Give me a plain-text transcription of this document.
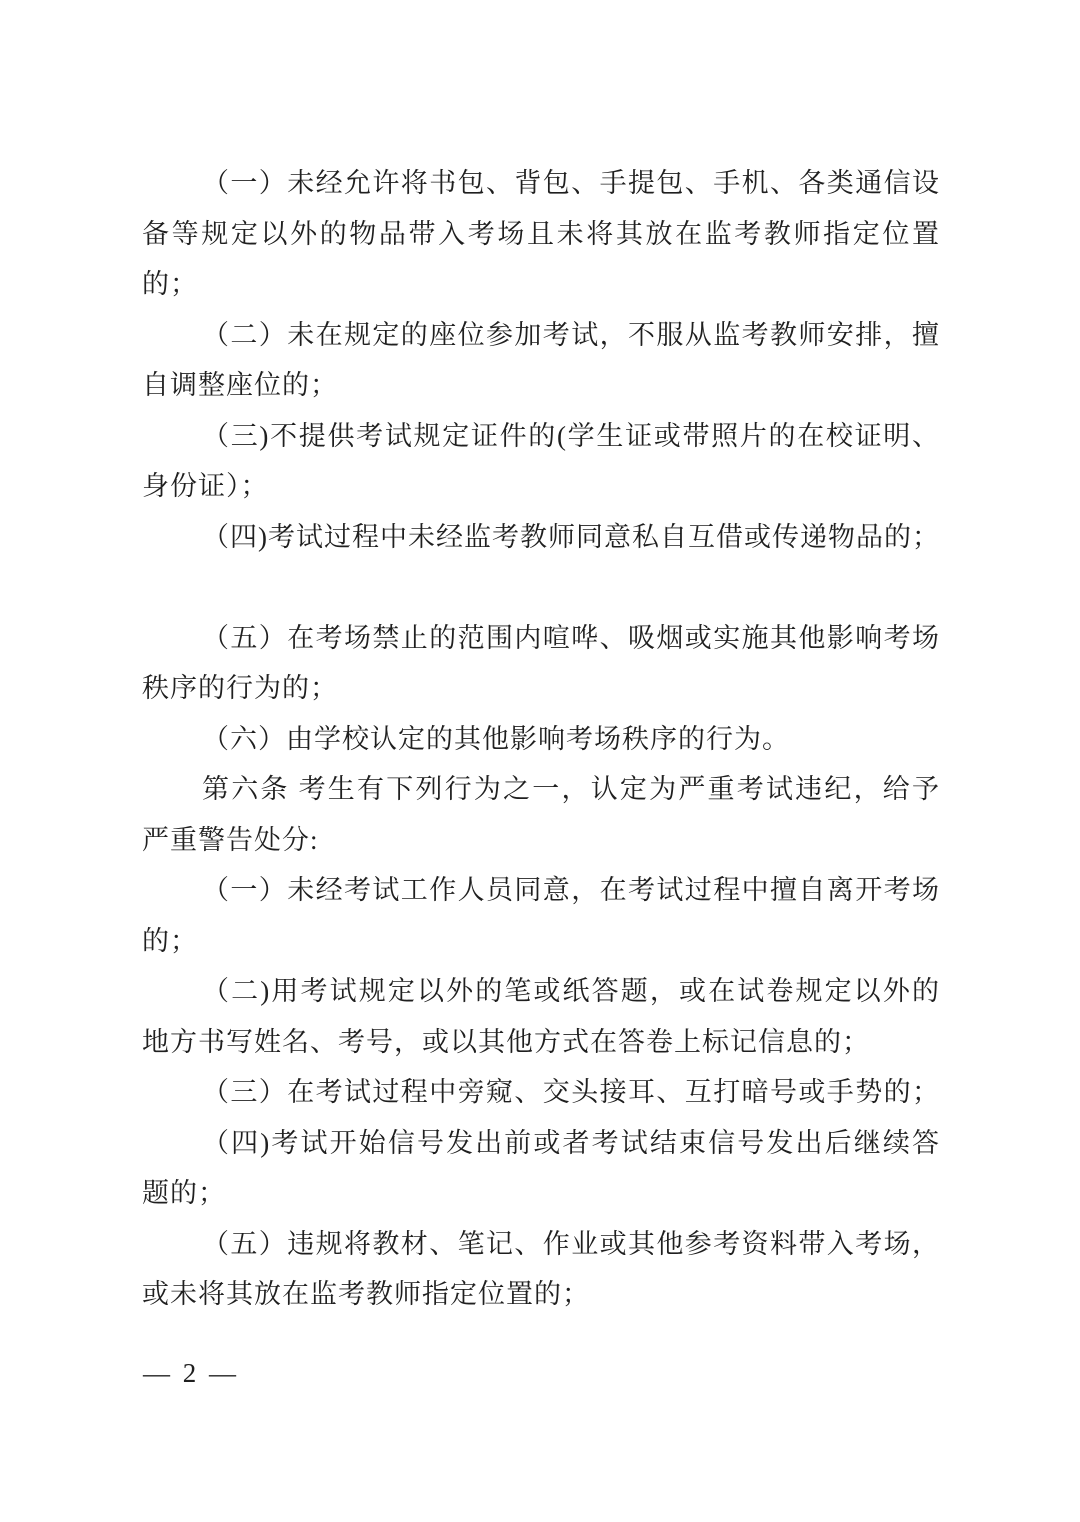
（一）未经允许将书包、背包、手提包、手机、各类通信设
备等规定以外的物品带入考场且未将其放在监考教师指定位置
的；
（二）未在规定的座位参加考试，不服从监考教师安排，擅
自调整座位的；
（三)不提供考试规定证件的(学生证或带照片的在校证明、
身份证）；
（四)考试过程中未经监考教师同意私自互借或传递物品的；
（五）在考场禁止的范围内喧哗、吸烟或实施其他影响考场
秩序的行为的；
（六）由学校认定的其他影响考场秩序的行为。
第六条 考生有下列行为之一，认定为严重考试违纪，给予
严重警告处分:
（一）未经考试工作人员同意，在考试过程中擅自离开考场
的；
（二)用考试规定以外的笔或纸答题，或在试卷规定以外的
地方书写姓名、考号，或以其他方式在答卷上标记信息的；
（三）在考试过程中旁窥、交头接耳、互打暗号或手势的；
（四)考试开始信号发出前或者考试结束信号发出后继续答
题的；
（五）违规将教材、笔记、作业或其他参考资料带入考场，
或未将其放在监考教师指定位置的；
— 2 —
